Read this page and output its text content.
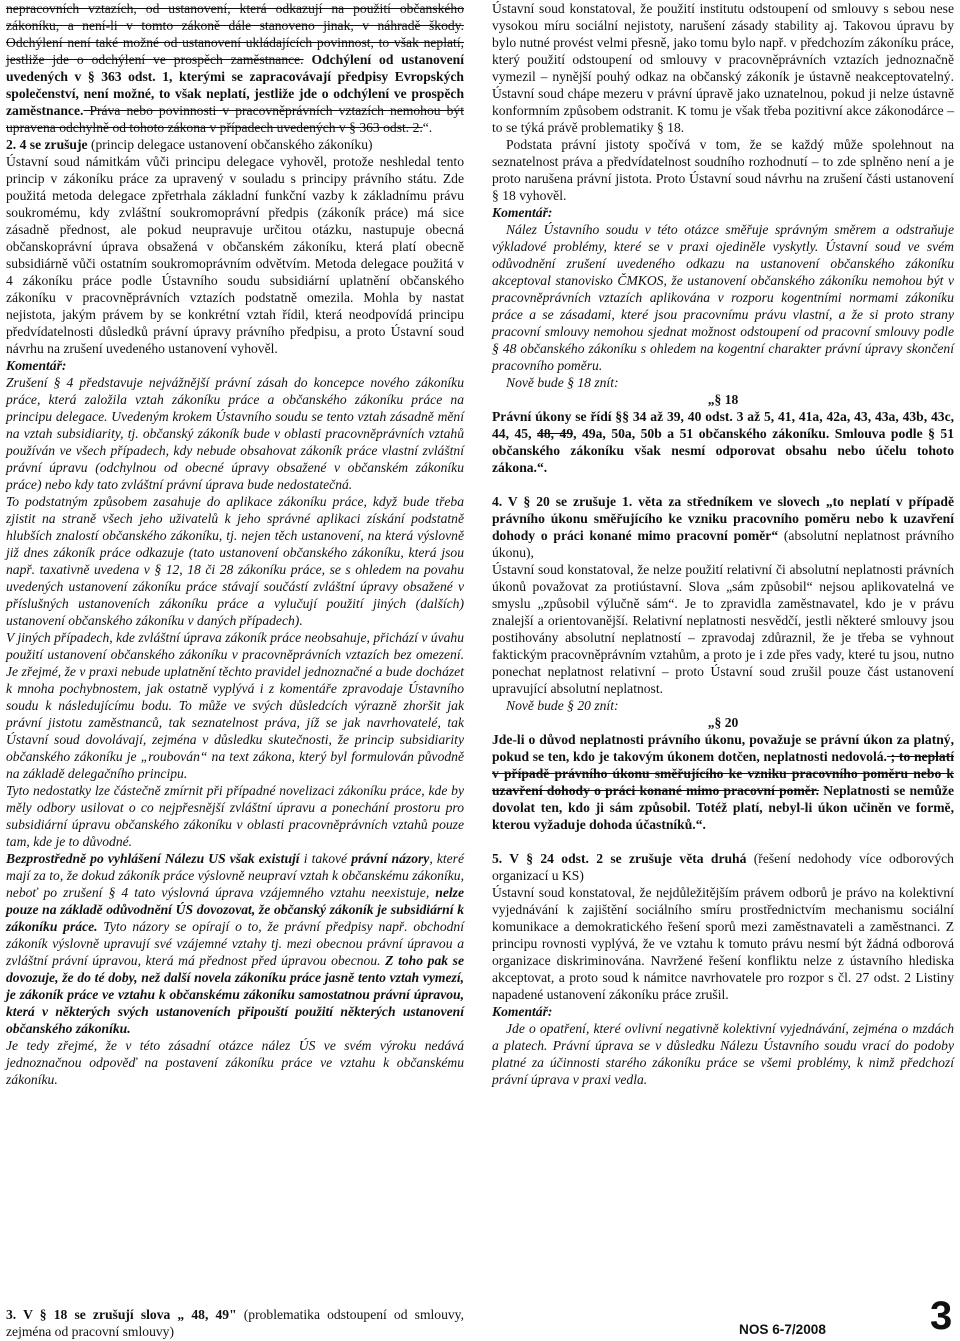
nepracovních vztazích, od ustanovení, která odkazují na použití občanského zákoníku, a není-li v tomto zákoně dále stanoveno jinak, v náhradě škody. Odchýlení není také možné od ustanovení ukládajících povinnost, to však neplatí, jestliže jde o odchýlení ve prospěch zaměstnance. Odchýlení od ustanovení uvedených v § 363 odst. 1, kterými se zapracovávají předpisy Evropských společenství, není možné, to však neplatí, jestliže jde o odchýlení ve prospěch zaměstnance. Práva nebo povinnosti v pracovněprávních vztazích nemohou být upravena odchylně od tohoto zákona v případech uvedených v § 363 odst. 2.“.

2. 4 se zrušuje (princip delegace ustanovení občanského zákoníku)

Ústavní soud námitkám vůči principu delegace vyhověl, protože neshledal tento princip v zákoníku práce za upravený v souladu s principy právního státu. Zde použitá metoda delegace zpřetrhala základní funkční vazby k základnímu právu soukromému, kdy zvláštní soukromoprávní předpis (zákoník práce) má sice zásadně přednost, ale pokud neupravuje určitou otázku, nastupuje obecná občanskoprávní úprava obsažená v občanském zákoníku, která platí obecně subsidiárně vůči ostatním soukromoprávním odvětvím. Metoda delegace použitá v 4 zákoníku práce podle Ústavního soudu subsidiární uplatnění občanského zákoníku v pracovněprávních vztazích podstatně omezila. Mohla by nastat nejistota, jakým právem by se konkrétní vztah řídil, která neodpovídá principu předvídatelnosti důsledků právní úpravy právního předpisu, a proto Ústavní soud návrhu na zrušení uvedeného ustanovení vyhověl.

Komentář:

Zrušení § 4 představuje nejvážnější právní zásah do koncepce nového zákoníku práce, která založila vztah zákoníku práce a občanského zákoníku práce na principu delegace. Uvedeným krokem Ústavního soudu se tento vztah zásadně mění na vztah subsidiarity, tj. občanský zákoník bude v oblasti pracovněprávních vztahů používán ve všech případech, kdy nebude obsahovat zákoník práce vlastní zvláštní právní úpravu (odchylnou od obecné úpravy obsažené v občanském zákoníku práce) nebo kdy tato zvláštní právní úprava bude nedostatečná.

To podstatným způsobem zasahuje do aplikace zákoníku práce, když bude třeba zjistit na straně všech jeho uživatelů k jeho správné aplikaci získání podstatně hlubších znalostí občanského zákoníku, tj. nejen těch ustanovení, na která výslovně již dnes zákoník práce odkazuje (tato ustanovení občanského zákoníku, která jsou např. taxativně uvedena v § 12, 18 či 28 zákoníku práce, se s ohledem na povahu uvedených ustanovení zákoníku práce stávají součástí zvláštní úpravy obsažené v příslušných ustanoveních zákoníku práce a vylučují použití jiných (dalších) ustanovení občanského zákoníku v daných případech).

V jiných případech, kde zvláštní úprava zákoník práce neobsahuje, přichází v úvahu použití ustanovení občanského zákoníku v pracovněprávních vztazích bez omezení. Je zřejmé, že v praxi nebude uplatnění těchto pravidel jednoznačné a bude docházet k mnoha pochybnostem, jak ostatně vyplývá i z komentáře zpravodaje Ústavního soudu k následujícímu bodu. To může ve svých důsledcích výrazně zhoršit jak právní jistotu zaměstnanců, tak seznatelnost práva, jíž se jak navrhovatelé, tak Ústavní soud dovolávají, zejména v důsledku skutečnosti, že princip subsidiarity občanského zákoníku je „roubován“ na text zákona, který byl formulován původně na základě delegačního principu.

Tyto nedostatky lze částečně zmírnit při případné novelizaci zákoníku práce, kde by měly odbory usilovat o co nejpřesnější zvláštní úpravu a ponechání prostoru pro subsidiární úpravu občanského zákoníku v oblasti pracovněprávních vztahů pouze tam, kde je to důvodné.

Bezprostředně po vyhlášení Nálezu US však existují i takové právní názory, které mají za to, že dokud zákoník práce výslovně neupraví vztah k občanskému zákoníku, neboť po zrušení § 4 tato výslovná úprava vzájemného vztahu neexistuje, nelze pouze na základě odůvodnění ÚS dovozovat, že občanský zákoník je subsidiární k zákoníku práce. Tyto názory se opírají o to, že právní předpisy např. obchodní zákoník výslovně upravují své vzájemné vztahy tj. mezi obecnou právní úpravou a zvláštní právní úpravou, která má přednost před úpravou obecnou. Z toho pak se dovozuje, že do té doby, než další novela zákoníku práce jasně tento vztah vymezí, je zákoník práce ve vztahu k občanskému zákoníku samostatnou právní úpravou, která v některých svých ustanoveních připouští použití některých ustanovení občanského zákoníku.

Je tedy zřejmé, že v této zásadní otázce nález ÚS ve svém výroku nedává jednoznačnou odpověď na postavení zákoníku práce ve vztahu k občanskému zákoníku.

3. V § 18 se zrušují slova „ 48, 49" (problematika odstoupení od smlouvy, zejména od pracovní smlouvy)

Ústavní soud konstatoval, že použití institutu odstoupení od smlouvy s sebou nese vysokou míru sociální nejistoty, narušení zásady stability aj. Takovou úpravu by bylo nutné provést velmi přesně, jako tomu bylo např. v předchozím zákoníku práce, který použití odstoupení od smlouvy v pracovněprávních vztazích jednoznačně vymezil – nynější pouhý odkaz na občanský zákoník je ústavně neakceptovatelný. Ústavní soud chápe mezeru v právní úpravě jako uznatelnou, pokud ji nelze ústavně konformním způsobem odstranit. K tomu je však třeba pozitivní akce zákonodárce – to se týká právě problematiky § 18.

Podstata právní jistoty spočívá v tom, že se každý může spolehnout na seznatelnost práva a předvídatelnost soudního rozhodnutí – to zde splněno není a je proto narušena právní jistota. Proto Ústavní soud návrhu na zrušení části ustanovení § 18 vyhověl.

Komentář:

Nález Ústavního soudu v této otázce směřuje správným směrem a odstraňuje výkladové problémy, které se v praxi ojediněle vyskytly. Ústavní soud ve svém odůvodnění zrušení uvedeného odkazu na ustanovení občanského zákoníku akceptoval stanovisko ČMKOS, že ustanovení občanského zákoníku nemohou být v pracovněprávních vztazích aplikována v rozporu kogentními normami zákoníku práce a se zásadami, které jsou pracovnímu právu vlastní, a že si proto strany pracovní smlouvy nemohou sjednat možnost odstoupení od pracovní smlouvy podle § 48 občanského zákoníku s ohledem na kogentní charakter právní úpravy skončení pracovního poměru.

Nově bude § 18 znít:

„§ 18

Právní úkony se řídí §§ 34 až 39, 40 odst. 3 až 5, 41, 41a, 42a, 43, 43a, 43b, 43c, 44, 45, 48, 49, 49a, 50a, 50b a 51 občanského zákoníku. Smlouva podle § 51 občanského zákoníku však nesmí odporovat obsahu nebo účelu tohoto zákona.“.

4. V § 20 se zrušuje 1. věta za středníkem ve slovech „to neplatí v případě právního úkonu směřujícího ke vzniku pracovního poměru nebo k uzavření dohody o práci konané mimo pracovní poměr“ (absolutní neplatnost právního úkonu),

Ústavní soud konstatoval, že nelze použití relativní či absolutní neplatnosti právních úkonů považovat za protiústavní. Slova „sám způsobil“ nejsou aplikovatelná ve smyslu „způsobil výlučně sám“. Je to zpravidla zaměstnavatel, kdo je v právu znalejší a orientovanější. Relativní neplatnosti nesvědčí, jestli některé smlouvy jsou postihovány absolutní neplatností – zpravodaj zdůraznil, že je třeba se vyhnout faktickým pracovněprávním vztahům, a proto je i zde přes vady, které tu jsou, nutno ponechat neplatnost relativní – proto Ústavní soud zrušil pouze část ustanovení upravující absolutní neplatnost.

Nově bude § 20 znít:

„§ 20

Jde-li o důvod neplatnosti právního úkonu, považuje se právní úkon za platný, pokud se ten, kdo je takovým úkonem dotčen, neplatnosti nedovolá. ; to neplatí v případě právního úkonu směřujícího ke vzniku pracovního poměru nebo k uzavření dohody o práci konané mimo pracovní poměr. Neplatnosti se nemůže dovolat ten, kdo ji sám způsobil. Totéž platí, nebyl-li úkon učiněn ve formě, kterou vyžaduje dohoda účastníků.“.

5. V § 24 odst. 2 se zrušuje věta druhá (řešení nedohody více odborových organizací u KS)

Ústavní soud konstatoval, že nejdůležitějším právem odborů je právo na kolektivní vyjednávání k zajištění sociálního smíru prostřednictvím mechanismu sociální komunikace a demokratického řešení sporů mezi zaměstnavateli a zaměstnanci. Z principu rovnosti vyplývá, že ve vztahu k tomuto právu nesmí být žádná odborová organizace diskriminována. Navržené řešení konfliktu nelze z ústavního hlediska akceptovat, a proto soud k námitce navrhovatele pro rozpor s čl. 27 odst. 2 Listiny napadené ustanovení zákoníku práce zrušil.

Komentář:

Jde o opatření, které ovlivní negativně kolektivní vyjednávání, zejména o mzdách a platech. Právní úprava se v důsledku Nálezu Ústavního soudu vrací do podoby platné za účinnosti starého zákoníku práce se všemi problémy, k nimž předchozí právní úprava v praxi vedla.

NOS 6-7/2008	3
